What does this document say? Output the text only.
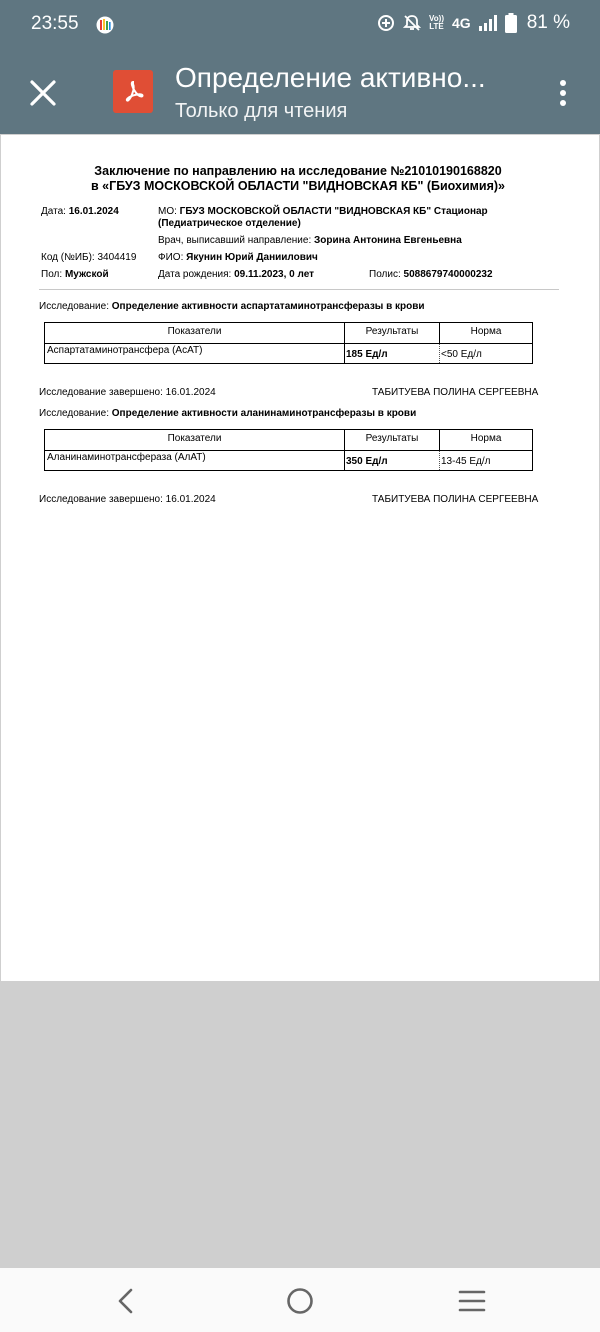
23:55	Vo))
LTE 4G	81 %
Определение активно...
Только для чтения
Заключение по направлению на исследование №21010190168820
в «ГБУЗ МОСКОВСКОЙ ОБЛАСТИ "ВИДНОВСКАЯ КБ" (Биохимия)»
Дата: 16.01.2024	МО: ГБУЗ МОСКОВСКОЙ ОБЛАСТИ "ВИДНОВСКАЯ КБ" Стационар
(Педиатрическое отделение)
Врач, выписавший направление: Зорина Антонина Евгеньевна
Код (№ИБ): 3404419 ФИО: Якунин Юрий Даниилович
Пол: Мужской	Дата рождения: 09.11.2023, 0 лет	Полис: 5088679740000232
Исследование: Определение активности аспартатаминотрансферазы в крови
Показатели	Результаты	Норма
Аспартатаминотрансфера (АсАТ)	185 Ед/л	<50 Ед/л
Исследование завершено: 16.01.2024	ТАБИТУЕВА ПОЛИНА СЕРГЕЕВНА
Исследование: Определение активности аланинаминотрансферазы в крови
Показатели	Результаты	Норма
Аланинаминотрансфераза (АлАТ)	350 Ед/л	13-45 Ед/л
Исследование завершено: 16.01.2024	ТАБИТУЕВА ПОЛИНА СЕРГЕЕВНА
